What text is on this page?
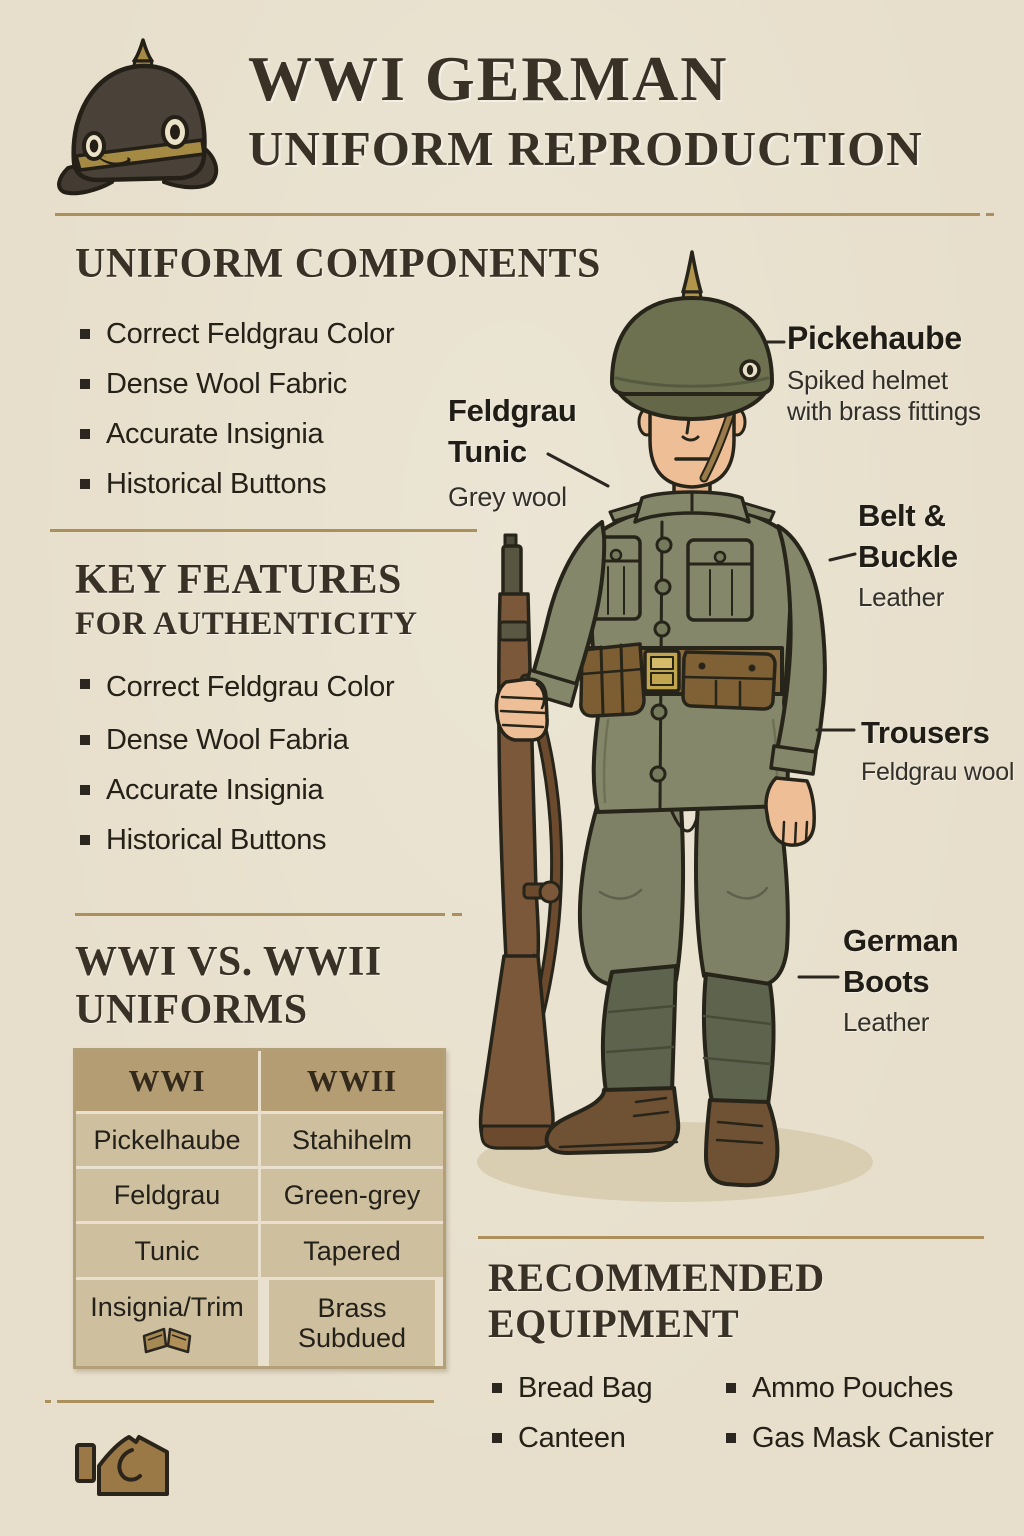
WWI GERMAN
UNIFORM REPRODUCTION
UNIFORM COMPONENTS
Correct Feldgrau Color
Dense Wool Fabric
Accurate Insignia
Historical Buttons
KEY FEATURES
FOR AUTHENTICITY
Correct Feldgrau Color
Dense Wool Fabria
Accurate Insignia
Historical Buttons
WWI VS. WWII
UNIFORMS
WWI	WWII
Pickelhaube	Stahihelm
Feldgrau	Green-grey
Tunic	Tapered
Insignia/Trim	Brass Subdued
Pickehaube
Spiked helmet
with brass fittings
Feldgrau
Tunic
Grey wool
Belt &
Buckle
Leather
Trousers
Feldgrau wool
German
Boots
Leather
RECOMMENDED
EQUIPMENT
Bread Bag
Canteen
Ammo Pouches
Gas Mask Canister
